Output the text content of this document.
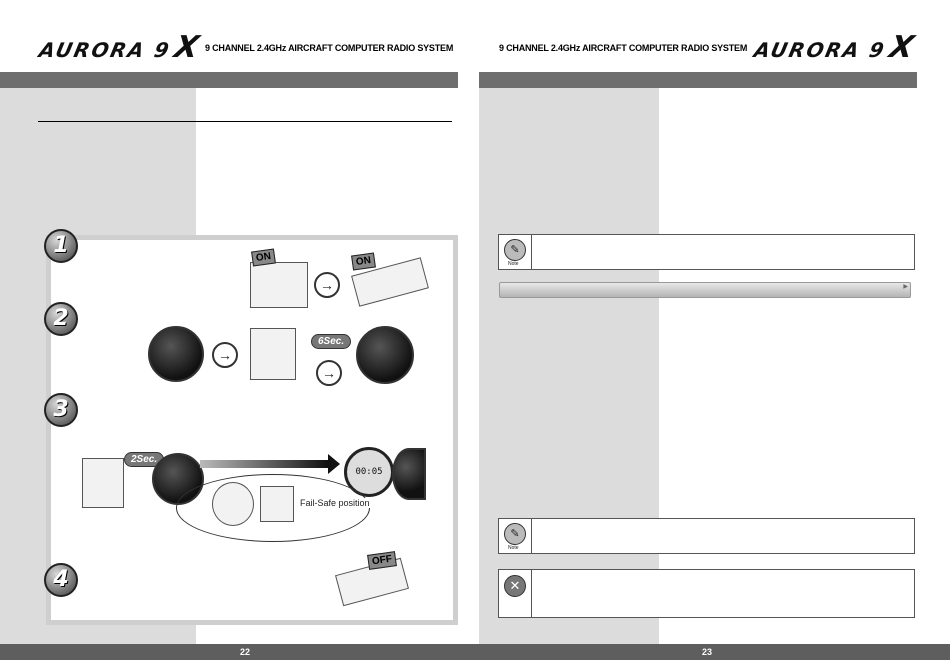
AURORA 9X 9 CHANNEL 2.4GHz AIRCRAFT COMPUTER RADIO SYSTEM
1
2
3
4
ON
→
ON
→
6Sec.
→
2Sec.
00:05
Fail-Safe position
OFF
22
9 CHANNEL 2.4GHz AIRCRAFT COMPUTER RADIO SYSTEM AURORA 9X
✎
Note
▶
✎
Note
✕
23
